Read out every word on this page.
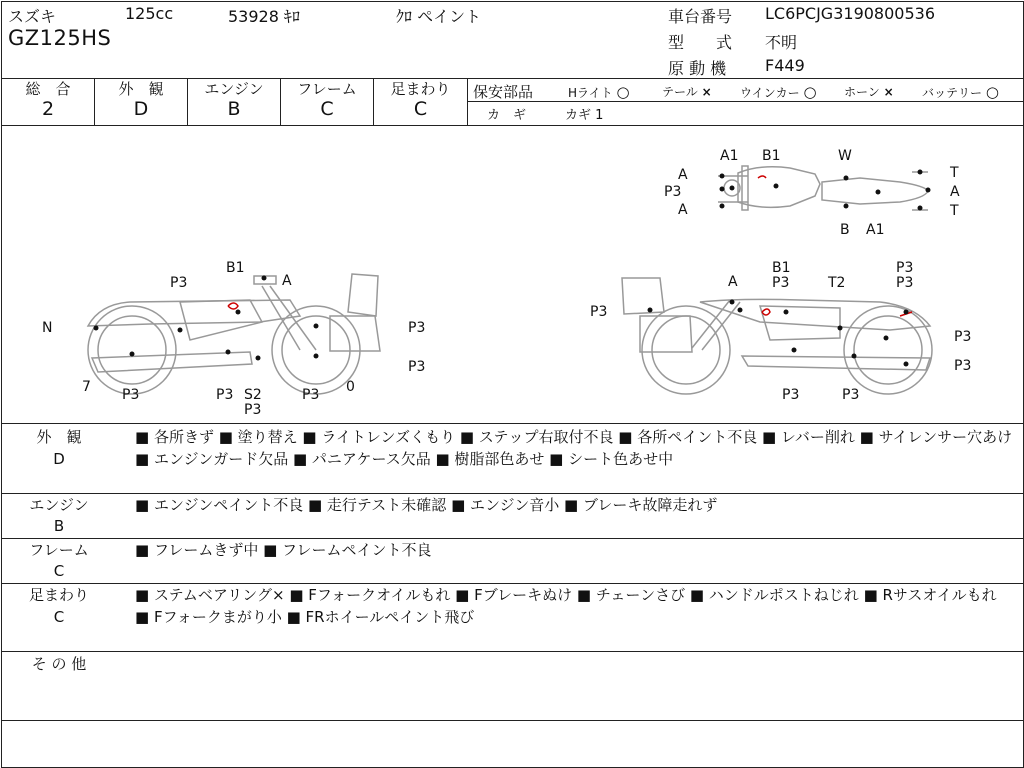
スズキ	125cc	53928 ｷﾛ	ｸﾛ ペイント
GZ125HS
車台番号 LC6PCJG3190800536
型　　式 不明
原 動 機 F449
総　合
2
外　観
D
エンジン
B
フレーム
C
足まわり
C
保安部品	Hライト ○	テール × ウインカー ○ ホーン × バッテリー ○
カ　ギ	カギ 1
A1 B1	W
A
P3
A
T
A
T
B A1
B1
A
P3
N	P3
P3
7 P3	P3 S2
P3
P3 0
P3
A
B1
P3	T2
P3
P3
P3
P3
P3	P3
外　観
D
■ 各所きず ■ 塗り替え ■ ライトレンズくもり ■ ステップ右取付不良 ■ 各所ペイント不良 ■ レバー削れ ■ サイレンサー穴あけ ■ エンジンガード欠品 ■ パニアケース欠品 ■ 樹脂部色あせ ■ シート色あせ中
エンジン
B
■ エンジンペイント不良 ■ 走行テスト未確認 ■ エンジン音小 ■ ブレーキ故障走れず
フレーム
C
■ フレームきず中 ■ フレームペイント不良
足まわり
C
■ ステムベアリング× ■ Fフォークオイルもれ ■ Fブレーキぬけ ■ チェーンさび ■ ハンドルポストねじれ ■ Rサスオイルもれ ■ Fフォークまがり小 ■ FRホイールペイント飛び
そ の 他
